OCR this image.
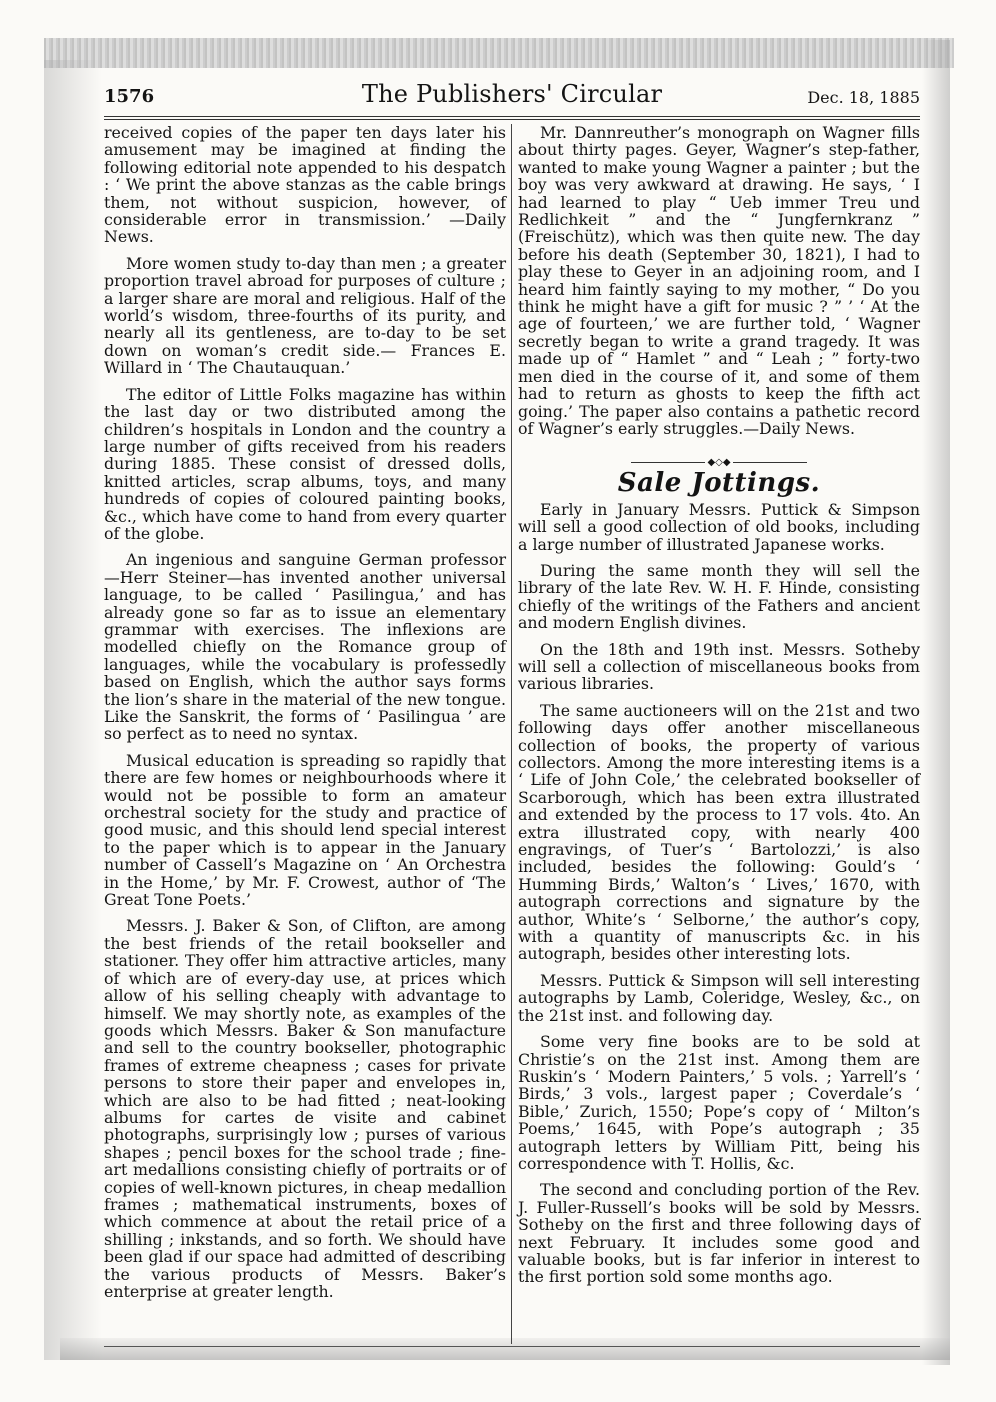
1576	The Publishers' Circular	Dec. 18, 1885

received copies of the paper ten days later his amusement may be imagined at finding the following editorial note appended to his despatch : ‘ We print the above stanzas as the cable brings them, not without suspicion, however, of considerable error in transmission.’ —Daily News.

More women study to-day than men ; a greater proportion travel abroad for purposes of culture ; a larger share are moral and religious. Half of the world’s wisdom, three-fourths of its purity, and nearly all its gentleness, are to-day to be set down on woman’s credit side.— Frances E. Willard in ‘ The Chautauquan.’

The editor of Little Folks magazine has within the last day or two distributed among the children’s hospitals in London and the country a large number of gifts received from his readers during 1885. These consist of dressed dolls, knitted articles, scrap albums, toys, and many hundreds of copies of coloured painting books, &c., which have come to hand from every quarter of the globe.

An ingenious and sanguine German professor—Herr Steiner—has invented another universal language, to be called ‘ Pasilingua,’ and has already gone so far as to issue an elementary grammar with exercises. The inflexions are modelled chiefly on the Romance group of languages, while the vocabulary is professedly based on English, which the author says forms the lion’s share in the material of the new tongue. Like the Sanskrit, the forms of ‘ Pasilingua ’ are so perfect as to need no syntax.

Musical education is spreading so rapidly that there are few homes or neighbourhoods where it would not be possible to form an amateur orchestral society for the study and practice of good music, and this should lend special interest to the paper which is to appear in the January number of Cassell’s Magazine on ‘ An Orchestra in the Home,’ by Mr. F. Crowest, author of ‘The Great Tone Poets.’

Messrs. J. Baker & Son, of Clifton, are among the best friends of the retail bookseller and stationer. They offer him attractive articles, many of which are of every-day use, at prices which allow of his selling cheaply with advantage to himself. We may shortly note, as examples of the goods which Messrs. Baker & Son manufacture and sell to the country bookseller, photographic frames of extreme cheapness ; cases for private persons to store their paper and envelopes in, which are also to be had fitted ; neat-looking albums for cartes de visite and cabinet photographs, surprisingly low ; purses of various shapes ; pencil boxes for the school trade ; fine-art medallions consisting chiefly of portraits or of copies of well-known pictures, in cheap medallion frames ; mathematical instruments, boxes of which commence at about the retail price of a shilling ; inkstands, and so forth. We should have been glad if our space had admitted of describing the various products of Messrs. Baker’s enterprise at greater length.

Mr. Dannreuther’s monograph on Wagner fills about thirty pages. Geyer, Wagner’s step-father, wanted to make young Wagner a painter ; but the boy was very awkward at drawing. He says, ‘ I had learned to play “ Ueb immer Treu und Redlichkeit ” and the “ Jungfernkranz ” (Freischütz), which was then quite new. The day before his death (September 30, 1821), I had to play these to Geyer in an adjoining room, and I heard him faintly saying to my mother, “ Do you think he might have a gift for music ? ” ’ ‘ At the age of fourteen,’ we are further told, ‘ Wagner secretly began to write a grand tragedy. It was made up of “ Hamlet ” and “ Leah ; ” forty-two men died in the course of it, and some of them had to return as ghosts to keep the fifth act going.’ The paper also contains a pathetic record of Wagner’s early struggles.—Daily News.

◆◇◆
Sale Jottings.

Early in January Messrs. Puttick & Simpson will sell a good collection of old books, including a large number of illustrated Japanese works.

During the same month they will sell the library of the late Rev. W. H. F. Hinde, consisting chiefly of the writings of the Fathers and ancient and modern English divines.

On the 18th and 19th inst. Messrs. Sotheby will sell a collection of miscellaneous books from various libraries.

The same auctioneers will on the 21st and two following days offer another miscellaneous collection of books, the property of various collectors. Among the more interesting items is a ‘ Life of John Cole,’ the celebrated bookseller of Scarborough, which has been extra illustrated and extended by the process to 17 vols. 4to. An extra illustrated copy, with nearly 400 engravings, of Tuer’s ‘ Bartolozzi,’ is also included, besides the following: Gould’s ‘ Humming Birds,’ Walton’s ‘ Lives,’ 1670, with autograph corrections and signature by the author, White’s ‘ Selborne,’ the author’s copy, with a quantity of manuscripts &c. in his autograph, besides other interesting lots.

Messrs. Puttick & Simpson will sell interesting autographs by Lamb, Coleridge, Wesley, &c., on the 21st inst. and following day.

Some very fine books are to be sold at Christie’s on the 21st inst. Among them are Ruskin’s ‘ Modern Painters,’ 5 vols. ; Yarrell’s ‘ Birds,’ 3 vols., largest paper ; Coverdale’s ‘ Bible,’ Zurich, 1550; Pope’s copy of ‘ Milton’s Poems,’ 1645, with Pope’s autograph ; 35 autograph letters by William Pitt, being his correspondence with T. Hollis, &c.

The second and concluding portion of the Rev. J. Fuller-Russell’s books will be sold by Messrs. Sotheby on the first and three following days of next February. It includes some good and valuable books, but is far inferior in interest to the first portion sold some months ago.
